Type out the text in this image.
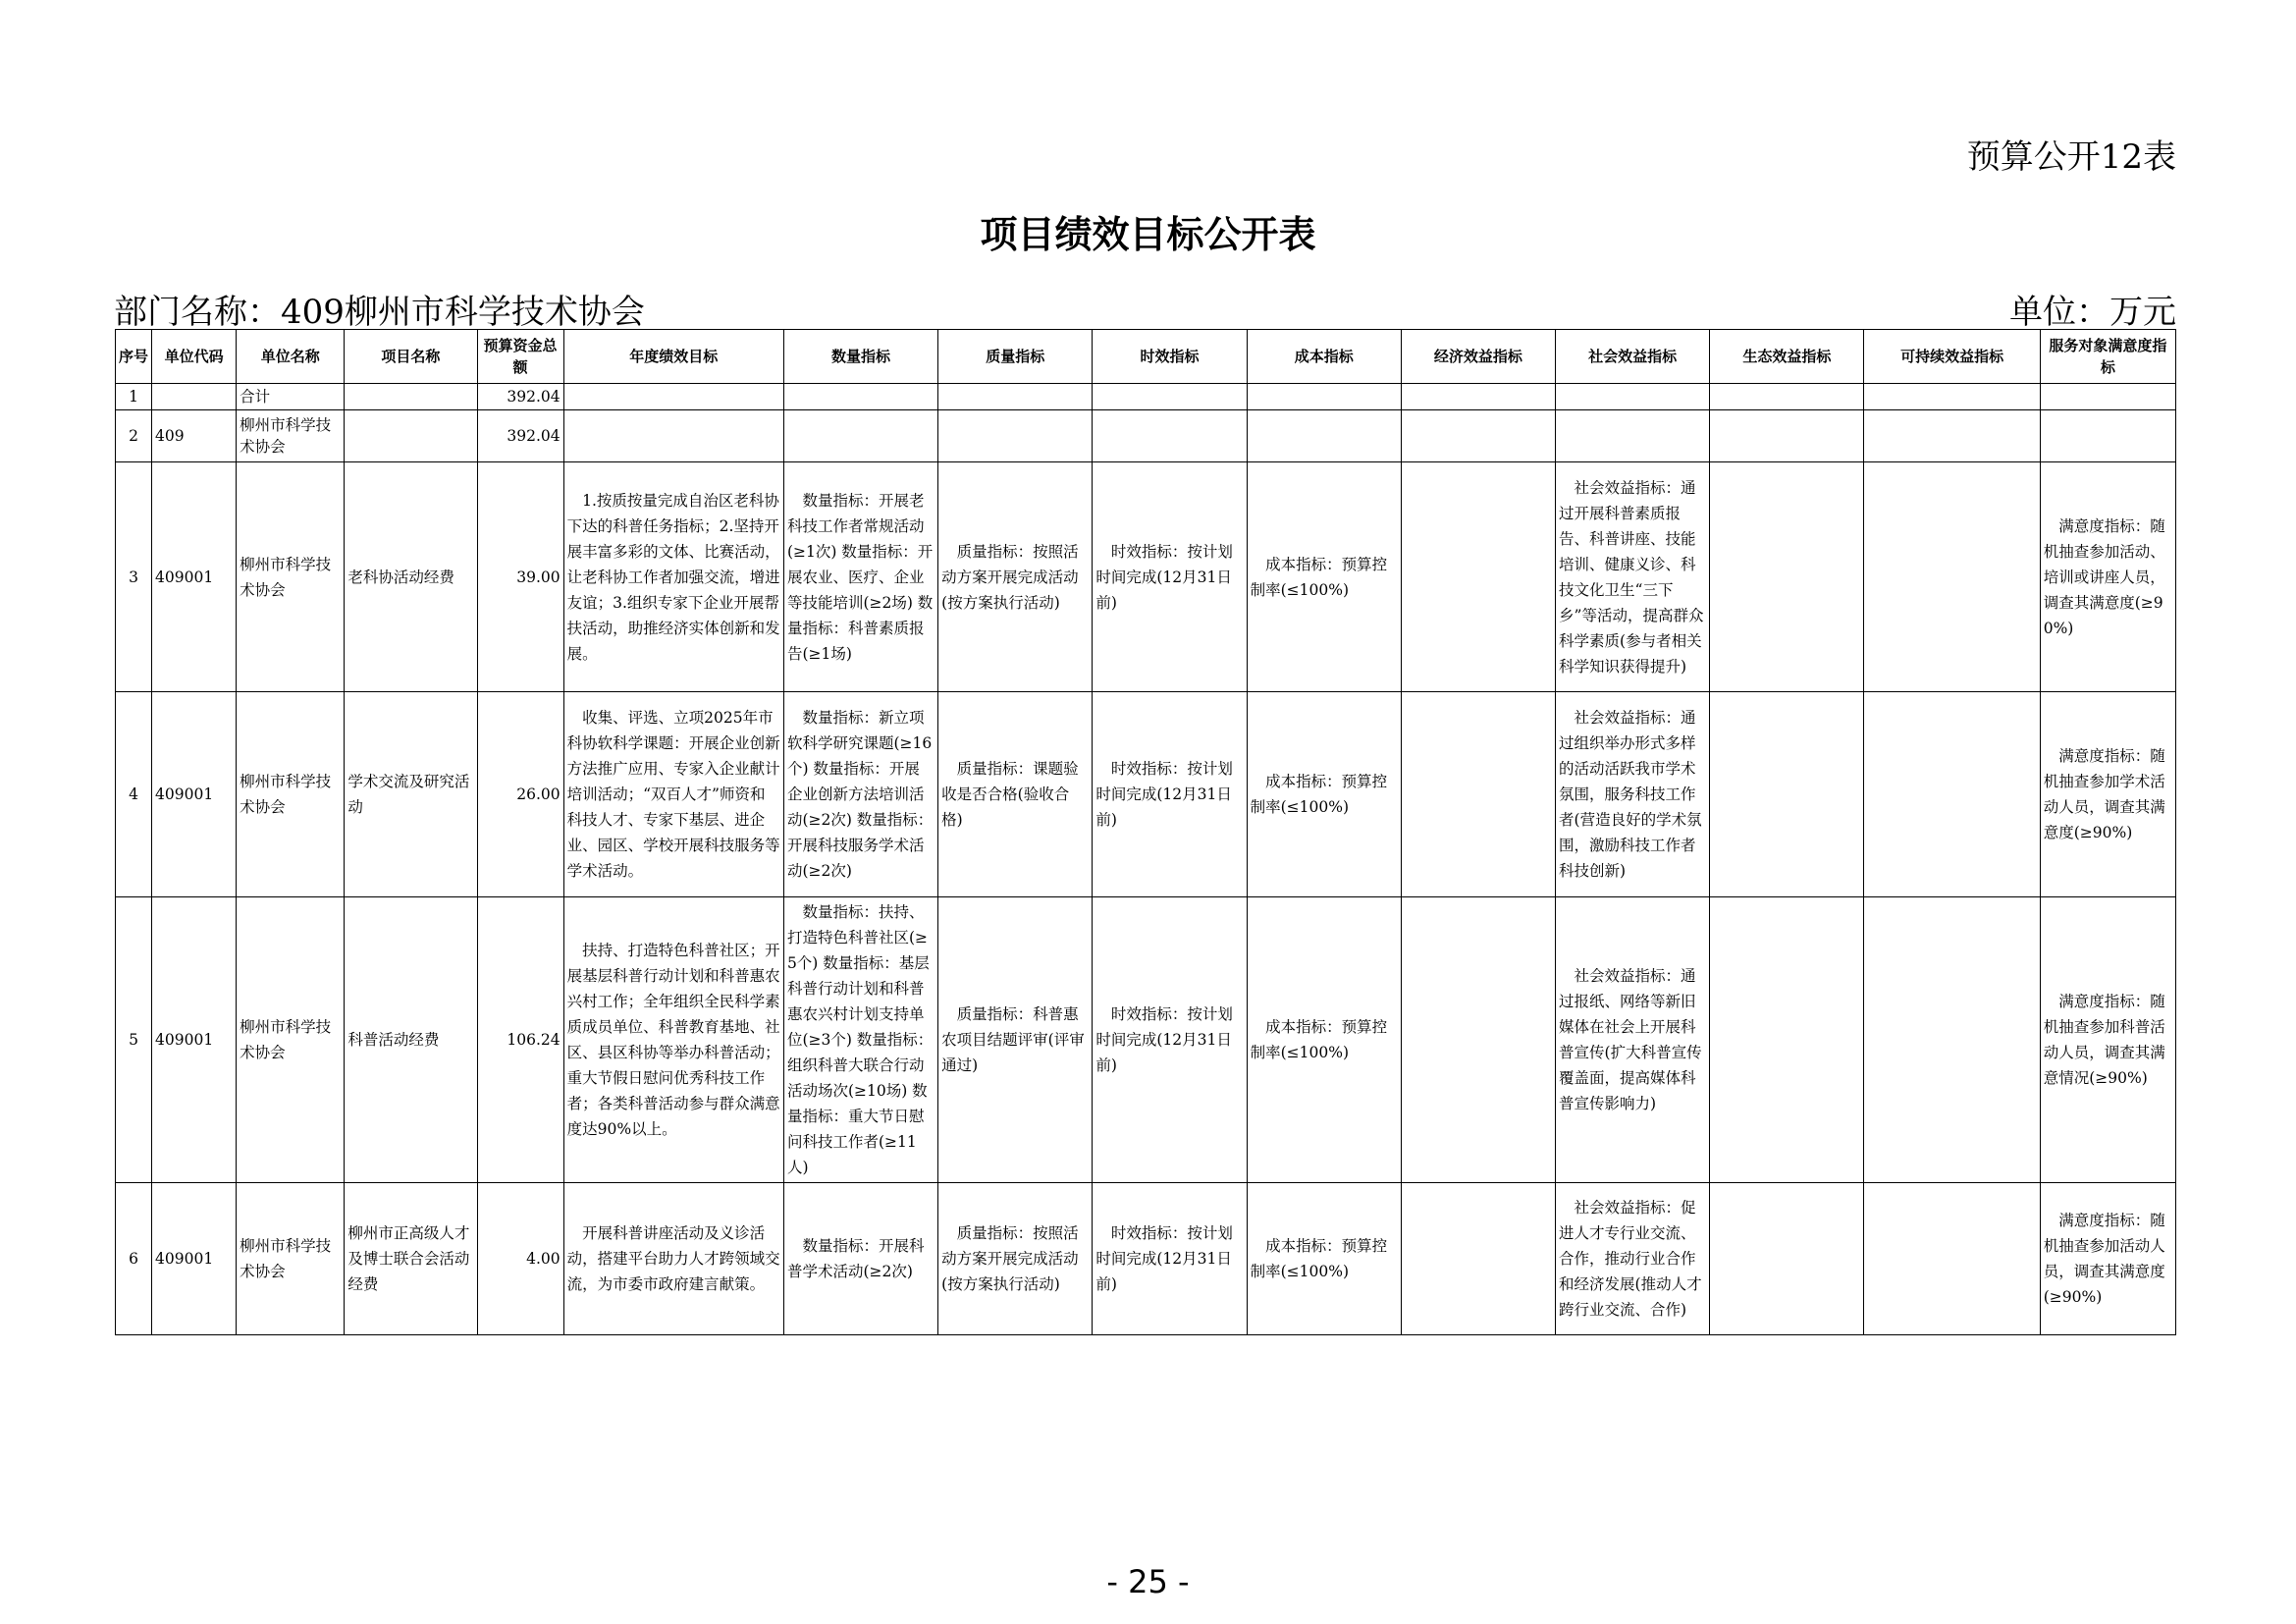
预算公开12表
项目绩效目标公开表
部门名称：409柳州市科学技术协会	单位：万元
序号	单位代码	单位名称	项目名称	预算资金总额	年度绩效目标	数量指标	质量指标	时效指标	成本指标	经济效益指标	社会效益指标	生态效益指标	可持续效益指标	服务对象满意度指标
1		合计		392.04										
2	409	柳州市科学技术协会		392.04										
3	409001	柳州市科学技术协会	老科协活动经费	39.00	　1.按质按量完成自治区老科协下达的科普任务指标；2.坚持开展丰富多彩的文体、比赛活动，让老科协工作者加强交流，增进友谊；3.组织专家下企业开展帮扶活动，助推经济实体创新和发展。	　数量指标：开展老科技工作者常规活动(≥1次) 数量指标：开展农业、医疗、企业等技能培训(≥2场) 数量指标：科普素质报告(≥1场)	　质量指标：按照活动方案开展完成活动(按方案执行活动)	　时效指标：按计划时间完成(12月31日前)	　成本指标：预算控制率(≤100%)		　社会效益指标：通过开展科普素质报告、科普讲座、技能培训、健康义诊、科技文化卫生“三下乡”等活动，提高群众科学素质(参与者相关科学知识获得提升)			　满意度指标：随机抽查参加活动、培训或讲座人员，调查其满意度(≥90%)
4	409001	柳州市科学技术协会	学术交流及研究活动	26.00	　收集、评选、立项2025年市科协软科学课题：开展企业创新方法推广应用、专家入企业献计培训活动；“双百人才”师资和科技人才、专家下基层、进企业、园区、学校开展科技服务等学术活动。	　数量指标：新立项软科学研究课题(≥16个) 数量指标：开展企业创新方法培训活动(≥2次) 数量指标：开展科技服务学术活动(≥2次)	　质量指标：课题验收是否合格(验收合格)	　时效指标：按计划时间完成(12月31日前)	　成本指标：预算控制率(≤100%)		　社会效益指标：通过组织举办形式多样的活动活跃我市学术氛围，服务科技工作者(营造良好的学术氛围，激励科技工作者科技创新)			　满意度指标：随机抽查参加学术活动人员，调查其满意度(≥90%)
5	409001	柳州市科学技术协会	科普活动经费	106.24	　扶持、打造特色科普社区；开展基层科普行动计划和科普惠农兴村工作；全年组织全民科学素质成员单位、科普教育基地、社区、县区科协等举办科普活动；重大节假日慰问优秀科技工作者；各类科普活动参与群众满意度达90%以上。	　数量指标：扶持、打造特色科普社区(≥5个) 数量指标：基层科普行动计划和科普惠农兴村计划支持单位(≥3个) 数量指标：组织科普大联合行动活动场次(≥10场) 数量指标：重大节日慰问科技工作者(≥11人)	　质量指标：科普惠农项目结题评审(评审通过)	　时效指标：按计划时间完成(12月31日前)	　成本指标：预算控制率(≤100%)		　社会效益指标：通过报纸、网络等新旧媒体在社会上开展科普宣传(扩大科普宣传覆盖面，提高媒体科普宣传影响力)			　满意度指标：随机抽查参加科普活动人员，调查其满意情况(≥90%)
6	409001	柳州市科学技术协会	柳州市正高级人才及博士联合会活动经费	4.00	　开展科普讲座活动及义诊活动，搭建平台助力人才跨领域交流，为市委市政府建言献策。	　数量指标：开展科普学术活动(≥2次)	　质量指标：按照活动方案开展完成活动(按方案执行活动)	　时效指标：按计划时间完成(12月31日前)	　成本指标：预算控制率(≤100%)		　社会效益指标：促进人才专行业交流、合作，推动行业合作和经济发展(推动人才跨行业交流、合作)			　满意度指标：随机抽查参加活动人员，调查其满意度(≥90%)
- 25 -
